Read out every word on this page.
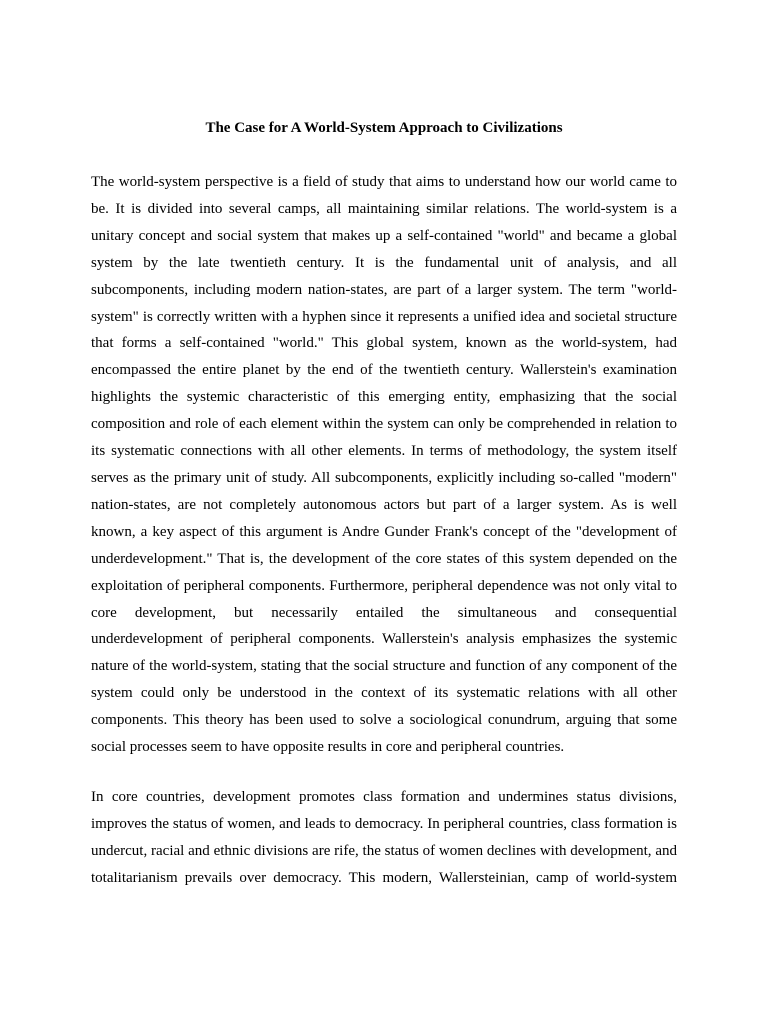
The Case for A World-System Approach to Civilizations

The world-system perspective is a field of study that aims to understand how our world came to be. It is divided into several camps, all maintaining similar relations. The world-system is a unitary concept and social system that makes up a self-contained "world" and became a global system by the late twentieth century. It is the fundamental unit of analysis, and all subcomponents, including modern nation-states, are part of a larger system. The term "world-system" is correctly written with a hyphen since it represents a unified idea and societal structure that forms a self-contained "world." This global system, known as the world-system, had encompassed the entire planet by the end of the twentieth century. Wallerstein's examination highlights the systemic characteristic of this emerging entity, emphasizing that the social composition and role of each element within the system can only be comprehended in relation to its systematic connections with all other elements. In terms of methodology, the system itself serves as the primary unit of study. All subcomponents, explicitly including so-called "modern" nation-states, are not completely autonomous actors but part of a larger system. As is well known, a key aspect of this argument is Andre Gunder Frank's concept of the "development of underdevelopment." That is, the development of the core states of this system depended on the exploitation of peripheral components. Furthermore, peripheral dependence was not only vital to core development, but necessarily entailed the simultaneous and consequential underdevelopment of peripheral components. Wallerstein's analysis emphasizes the systemic nature of the world-system, stating that the social structure and function of any component of the system could only be understood in the context of its systematic relations with all other components. This theory has been used to solve a sociological conundrum, arguing that some social processes seem to have opposite results in core and peripheral countries.

In core countries, development promotes class formation and undermines status divisions, improves the status of women, and leads to democracy. In peripheral countries, class formation is undercut, racial and ethnic divisions are rife, the status of women declines with development, and totalitarianism prevails over democracy. This modern, Wallersteinian, camp of world-system
